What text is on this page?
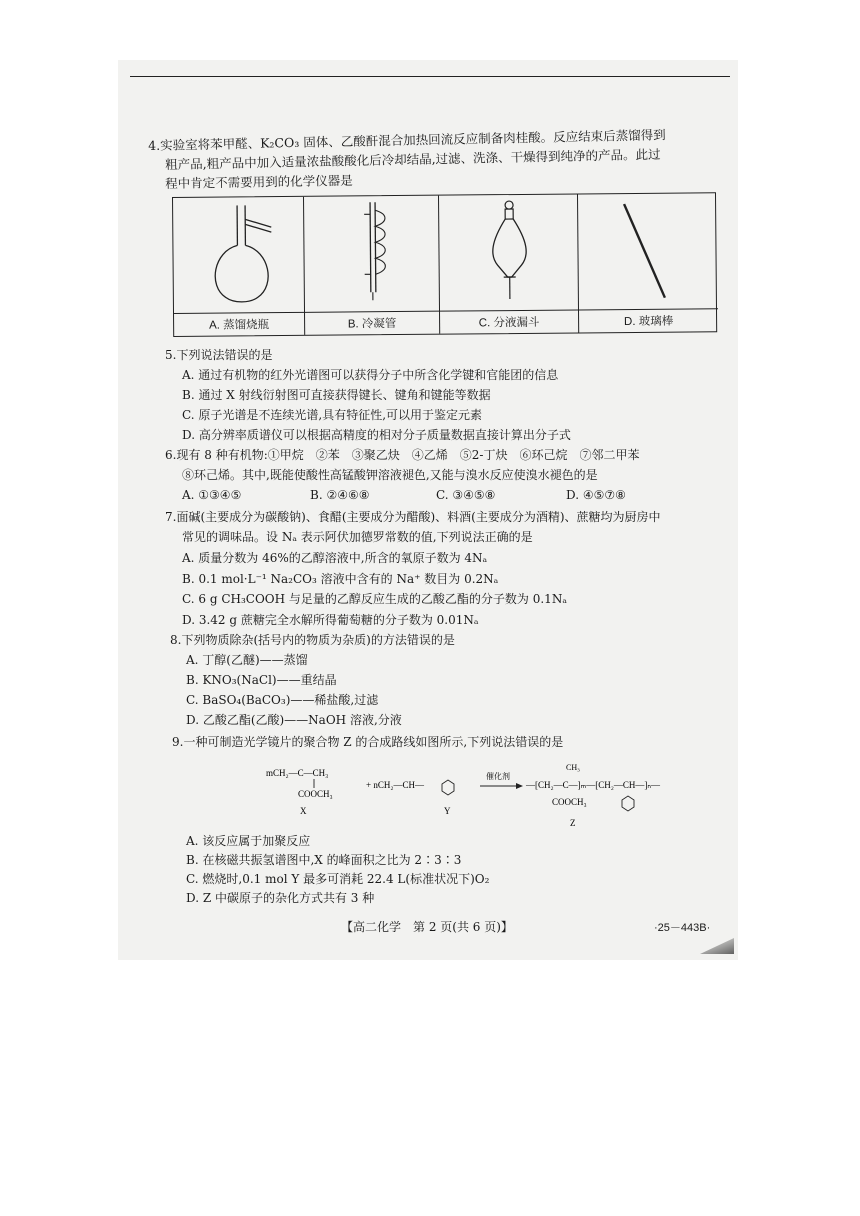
4.实验室将苯甲醛、K₂CO₃ 固体、乙酸酐混合加热回流反应制备肉桂酸。反应结束后蒸馏得到
粗产品,粗产品中加入适量浓盐酸酸化后冷却结晶,过滤、洗涤、干燥得到纯净的产品。此过
程中肯定不需要用到的化学仪器是
A. 蒸馏烧瓶	B. 冷凝管	C. 分液漏斗	D. 玻璃棒
5.下列说法错误的是
A. 通过有机物的红外光谱图可以获得分子中所含化学键和官能团的信息
B. 通过 X 射线衍射图可直接获得键长、键角和键能等数据
C. 原子光谱是不连续光谱,具有特征性,可以用于鉴定元素
D. 高分辨率质谱仪可以根据高精度的相对分子质量数据直接计算出分子式
6.现有 8 种有机物:①甲烷　②苯　③聚乙炔　④乙烯　⑤2-丁炔　⑥环己烷　⑦邻二甲苯
⑧环己烯。其中,既能使酸性高锰酸钾溶液褪色,又能与溴水反应使溴水褪色的是
A. ①③④⑤	B. ②④⑥⑧	C. ③④⑤⑧	D. ④⑤⑦⑧
7.面碱(主要成分为碳酸钠)、食醋(主要成分为醋酸)、料酒(主要成分为酒精)、蔗糖均为厨房中
常见的调味品。设 Nₐ 表示阿伏加德罗常数的值,下列说法正确的是
A. 质量分数为 46%的乙醇溶液中,所含的氧原子数为 4Nₐ
B. 0.1 mol·L⁻¹ Na₂CO₃ 溶液中含有的 Na⁺ 数目为 0.2Nₐ
C. 6 g CH₃COOH 与足量的乙醇反应生成的乙酸乙酯的分子数为 0.1Nₐ
D. 3.42 g 蔗糖完全水解所得葡萄糖的分子数为 0.01Nₐ
8.下列物质除杂(括号内的物质为杂质)的方法错误的是
A. 丁醇(乙醚)——蒸馏
B. KNO₃(NaCl)——重结晶
C. BaSO₄(BaCO₃)——稀盐酸,过滤
D. 乙酸乙酯(乙酸)——NaOH 溶液,分液
9.一种可制造光学镜片的聚合物 Z 的合成路线如图所示,下列说法错误的是
mCH₂—C—CH₃
COOCH₃
X
+ nCH₂—CH—
Y
催化剂
CH₃
—[CH₂—C—]ₘ—[CH₂—CH—]ₙ—
COOCH₃
Z
A. 该反应属于加聚反应
B. 在核磁共振氢谱图中,X 的峰面积之比为 2∶3∶3
C. 燃烧时,0.1 mol Y 最多可消耗 22.4 L(标准状况下)O₂
D. Z 中碳原子的杂化方式共有 3 种
【高二化学　第 2 页(共 6 页)】	·25－443B·
